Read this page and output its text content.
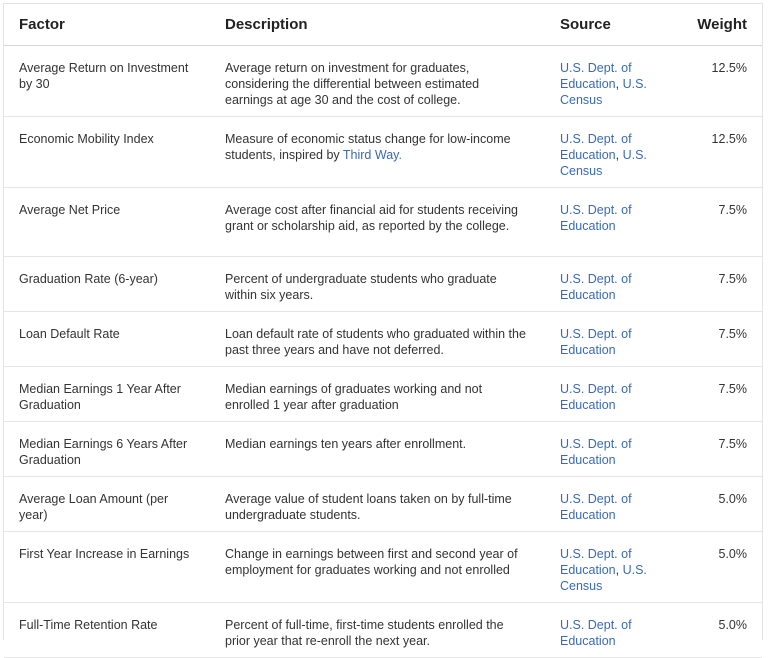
Factor	Description	Source	Weight
Average Return on Investment by 30	Average return on investment for graduates, considering the differential between estimated earnings at age 30 and the cost of college.	U.S. Dept. of Education, U.S. Census	12.5%
Economic Mobility Index	Measure of economic status change for low-income students, inspired by Third Way.	U.S. Dept. of Education, U.S. Census	12.5%
Average Net Price	Average cost after financial aid for students receiving grant or scholarship aid, as reported by the college.	U.S. Dept. of Education	7.5%
Graduation Rate (6-year)	Percent of undergraduate students who graduate within six years.	U.S. Dept. of Education	7.5%
Loan Default Rate	Loan default rate of students who graduated within the past three years and have not deferred.	U.S. Dept. of Education	7.5%
Median Earnings 1 Year After Graduation	Median earnings of graduates working and not enrolled 1 year after graduation	U.S. Dept. of Education	7.5%
Median Earnings 6 Years After Graduation	Median earnings ten years after enrollment.	U.S. Dept. of Education	7.5%
Average Loan Amount (per year)	Average value of student loans taken on by full-time undergraduate students.	U.S. Dept. of Education	5.0%
First Year Increase in Earnings	Change in earnings between first and second year of employment for graduates working and not enrolled	U.S. Dept. of Education, U.S. Census	5.0%
Full-Time Retention Rate	Percent of full-time, first-time students enrolled the prior year that re-enroll the next year.	U.S. Dept. of Education	5.0%
